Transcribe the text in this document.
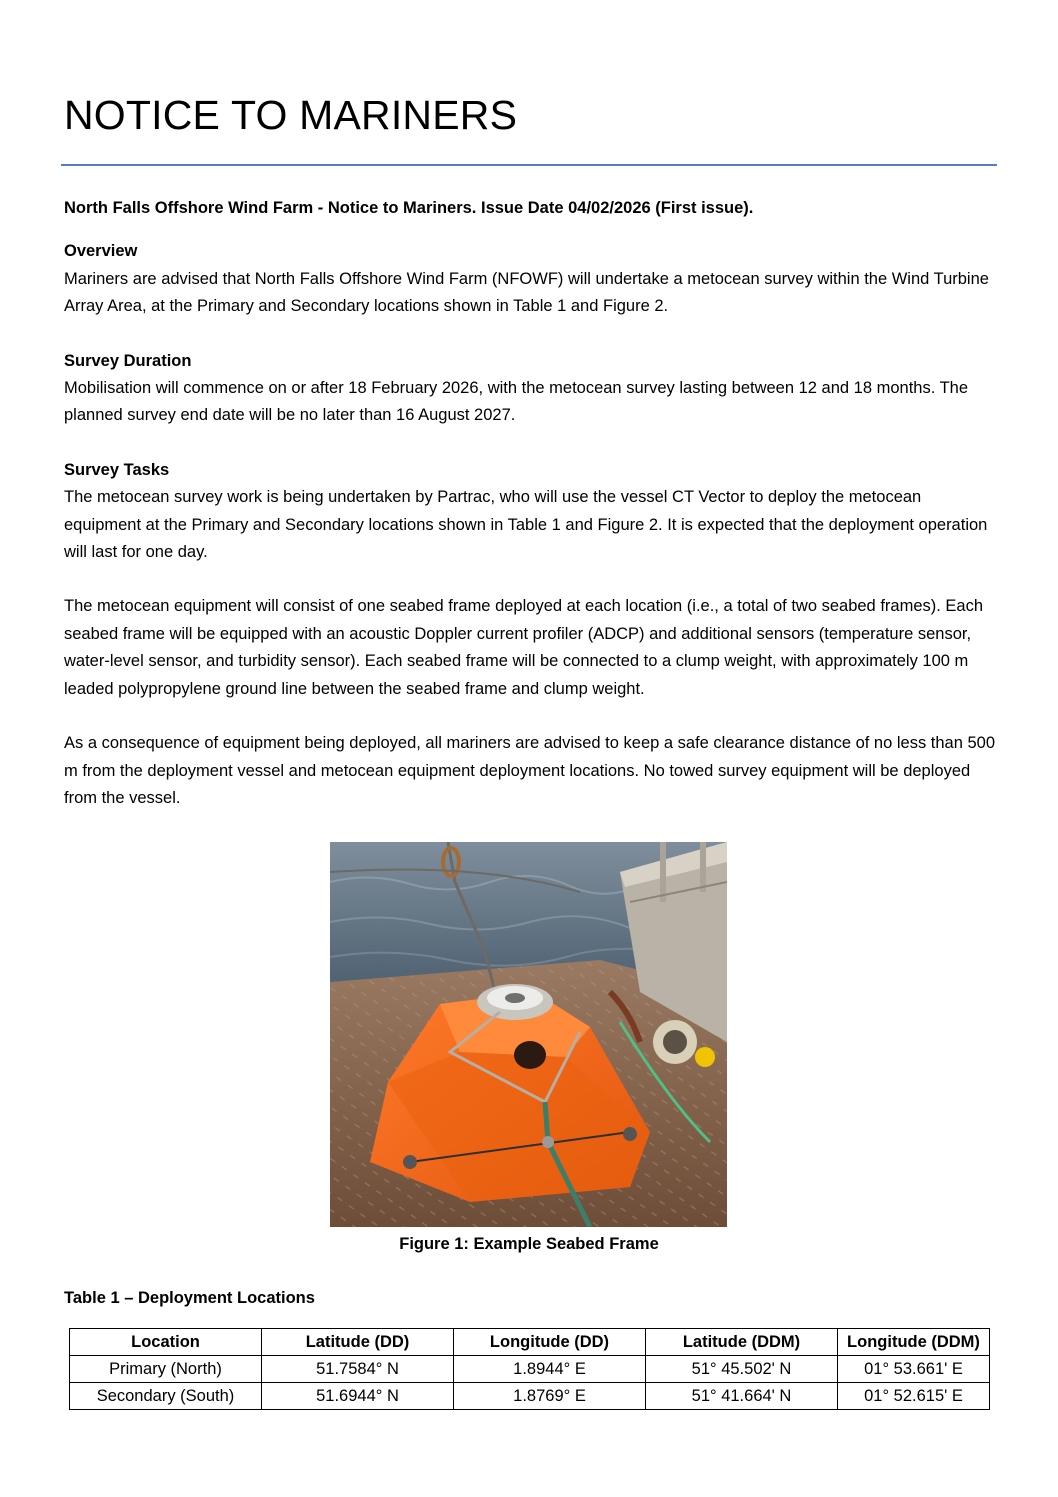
NOTICE TO MARINERS

North Falls Offshore Wind Farm - Notice to Mariners. Issue Date 04/02/2026 (First issue).

Overview

Mariners are advised that North Falls Offshore Wind Farm (NFOWF) will undertake a metocean survey within the Wind Turbine Array Area, at the Primary and Secondary locations shown in Table 1 and Figure 2.

Survey Duration

Mobilisation will commence on or after 18 February 2026, with the metocean survey lasting between 12 and 18 months. The planned survey end date will be no later than 16 August 2027.

Survey Tasks

The metocean survey work is being undertaken by Partrac, who will use the vessel CT Vector to deploy the metocean equipment at the Primary and Secondary locations shown in Table 1 and Figure 2. It is expected that the deployment operation will last for one day.

The metocean equipment will consist of one seabed frame deployed at each location (i.e., a total of two seabed frames). Each seabed frame will be equipped with an acoustic Doppler current profiler (ADCP) and additional sensors (temperature sensor, water-level sensor, and turbidity sensor). Each seabed frame will be connected to a clump weight, with approximately 100 m leaded polypropylene ground line between the seabed frame and clump weight.

As a consequence of equipment being deployed, all mariners are advised to keep a safe clearance distance of no less than 500 m from the deployment vessel and metocean equipment deployment locations. No towed survey equipment will be deployed from the vessel.

Figure 1: Example Seabed Frame
Table 1 – Deployment Locations
Location	Latitude (DD)	Longitude (DD)	Latitude (DDM)	Longitude (DDM)
Primary (North)	51.7584° N	1.8944° E	51° 45.502' N	01° 53.661' E
Secondary (South)	51.6944° N	1.8769° E	51° 41.664' N	01° 52.615' E
